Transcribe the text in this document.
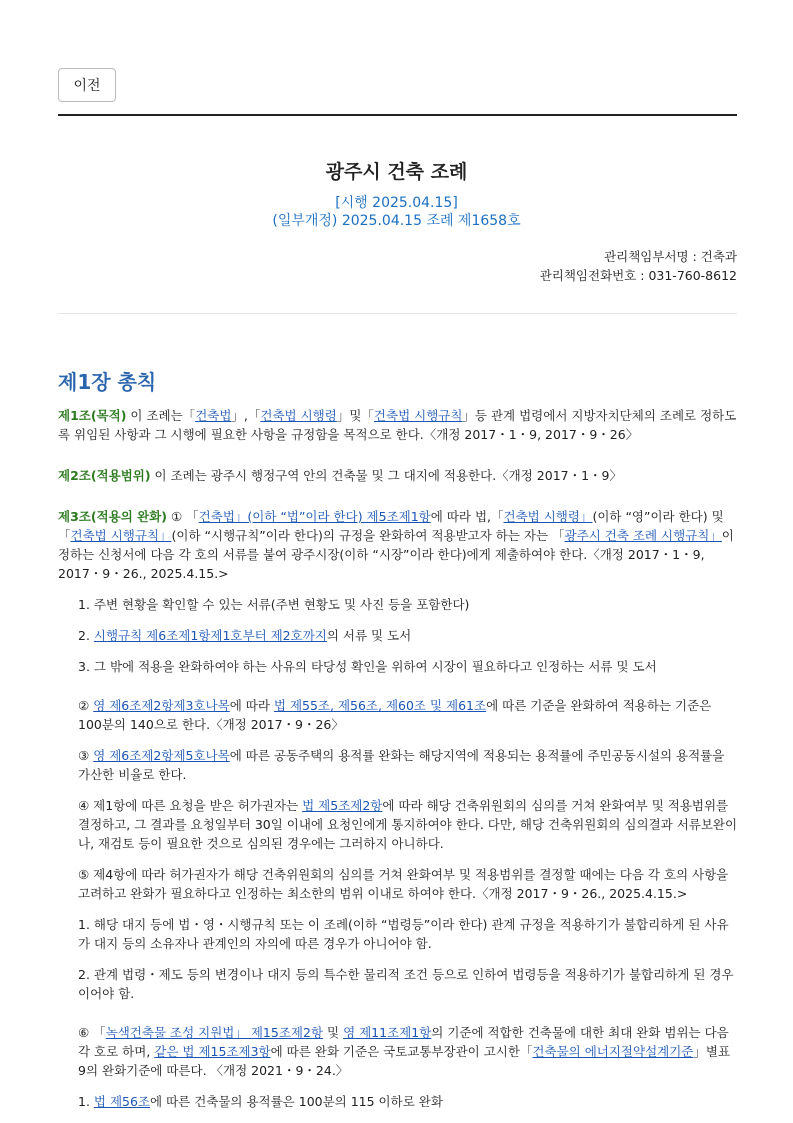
이전
광주시 건축 조례
[시행 2025.04.15]
(일부개정) 2025.04.15 조례 제1658호
관리책임부서명 : 건축과
관리책임전화번호 : 031-760-8612
제1장 총칙
제1조(목적) 이 조례는「건축법」,「건축법 시행령」및「건축법 시행규칙」등 관계 법령에서 지방자치단체의 조례로 정하도록 위임된 사항과 그 시행에 필요한 사항을 규정함을 목적으로 한다.〈개정 2017・1・9, 2017・9・26〉
제2조(적용범위) 이 조례는 광주시 행정구역 안의 건축물 및 그 대지에 적용한다.〈개정 2017・1・9〉
제3조(적용의 완화) ① 「건축법」(이하 “법”이라 한다) 제5조제1항에 따라 법,「건축법 시행령」(이하 “영”이라 한다) 및 「건축법 시행규칙」(이하 “시행규칙”이라 한다)의 규정을 완화하여 적용받고자 하는 자는 「광주시 건축 조례 시행규칙」이 정하는 신청서에 다음 각 호의 서류를 붙여 광주시장(이하 “시장”이라 한다)에게 제출하여야 한다.〈개정 2017・1・9, 2017・9・26., 2025.4.15.>
1. 주변 현황을 확인할 수 있는 서류(주변 현황도 및 사진 등을 포함한다)
2. 시행규칙 제6조제1항제1호부터 제2호까지의 서류 및 도서
3. 그 밖에 적용을 완화하여야 하는 사유의 타당성 확인을 위하여 시장이 필요하다고 인정하는 서류 및 도서
② 영 제6조제2항제3호나목에 따라 법 제55조, 제56조, 제60조 및 제61조에 따른 기준을 완화하여 적용하는 기준은 100분의 140으로 한다.〈개정 2017・9・26〉
③ 영 제6조제2항제5호나목에 따른 공동주택의 용적률 완화는 해당지역에 적용되는 용적률에 주민공동시설의 용적률을 가산한 비율로 한다.
④ 제1항에 따른 요청을 받은 허가권자는 법 제5조제2항에 따라 해당 건축위원회의 심의를 거쳐 완화여부 및 적용범위를 결정하고, 그 결과를 요청일부터 30일 이내에 요청인에게 통지하여야 한다. 다만, 해당 건축위원회의 심의결과 서류보완이나, 재검토 등이 필요한 것으로 심의된 경우에는 그러하지 아니하다.
⑤ 제4항에 따라 허가권자가 해당 건축위원회의 심의를 거쳐 완화여부 및 적용범위를 결정할 때에는 다음 각 호의 사항을 고려하고 완화가 필요하다고 인정하는 최소한의 범위 이내로 하여야 한다.〈개정 2017・9・26., 2025.4.15.>
1. 해당 대지 등에 법・영・시행규칙 또는 이 조례(이하 “법령등”이라 한다) 관계 규정을 적용하기가 불합리하게 된 사유가 대지 등의 소유자나 관계인의 자의에 따른 경우가 아니어야 함.
2. 관계 법령・제도 등의 변경이나 대지 등의 특수한 물리적 조건 등으로 인하여 법령등을 적용하기가 불합리하게 된 경우이어야 함.
⑥ 「녹색건축물 조성 지원법」 제15조제2항 및 영 제11조제1항의 기준에 적합한 건축물에 대한 최대 완화 범위는 다음 각 호로 하며, 같은 법 제15조제3항에 따른 완화 기준은 국토교통부장관이 고시한「건축물의 에너지절약설계기준」별표 9의 완화기준에 따른다. 〈개정 2021・9・24.〉
1. 법 제56조에 따른 건축물의 용적률은 100분의 115 이하로 완화
